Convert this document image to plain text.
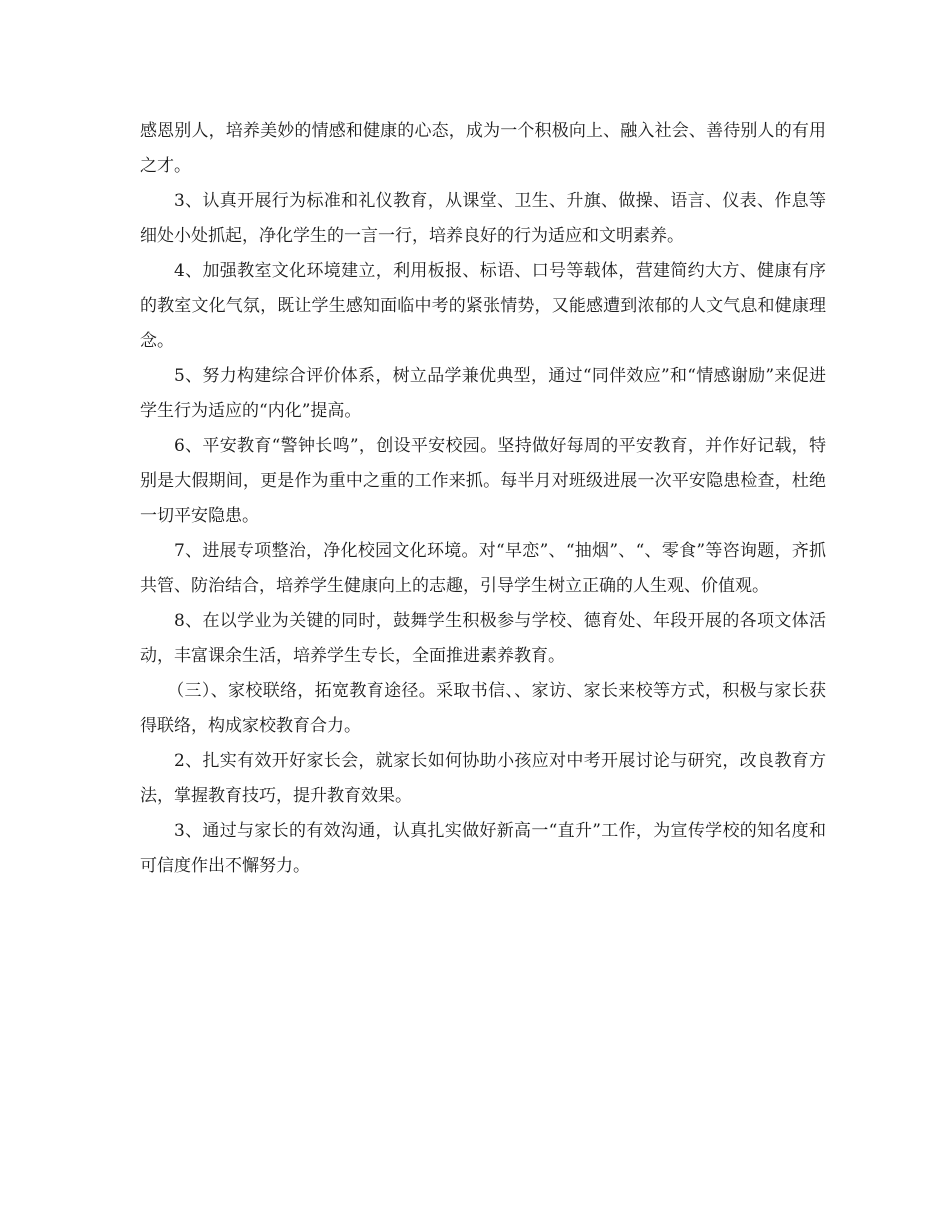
感恩别人，培养美妙的情感和健康的心态，成为一个积极向上、融入社会、善待别人的有用之才。

3、认真开展行为标准和礼仪教育，从课堂、卫生、升旗、做操、语言、仪表、作息等细处小处抓起，净化学生的一言一行，培养良好的行为适应和文明素养。

4、加强教室文化环境建立，利用板报、标语、口号等载体，营建简约大方、健康有序的教室文化气氛，既让学生感知面临中考的紧张情势，又能感遭到浓郁的人文气息和健康理念。

5、努力构建综合评价体系，树立品学兼优典型，通过“同伴效应”和“情感谢励”来促进学生行为适应的“内化”提高。

6、平安教育“警钟长鸣”，创设平安校园。坚持做好每周的平安教育，并作好记载，特别是大假期间，更是作为重中之重的工作来抓。每半月对班级进展一次平安隐患检查，杜绝一切平安隐患。

7、进展专项整治，净化校园文化环境。对“早恋”、“抽烟”、“、零食”等咨询题，齐抓共管、防治结合，培养学生健康向上的志趣，引导学生树立正确的人生观、价值观。

8、在以学业为关键的同时，鼓舞学生积极参与学校、德育处、年段开展的各项文体活动，丰富课余生活，培养学生专长，全面推进素养教育。

（三）、家校联络，拓宽教育途径。采取书信、、家访、家长来校等方式，积极与家长获得联络，构成家校教育合力。

2、扎实有效开好家长会，就家长如何协助小孩应对中考开展讨论与研究，改良教育方法，掌握教育技巧，提升教育效果。

3、通过与家长的有效沟通，认真扎实做好新高一“直升”工作，为宣传学校的知名度和可信度作出不懈努力。
